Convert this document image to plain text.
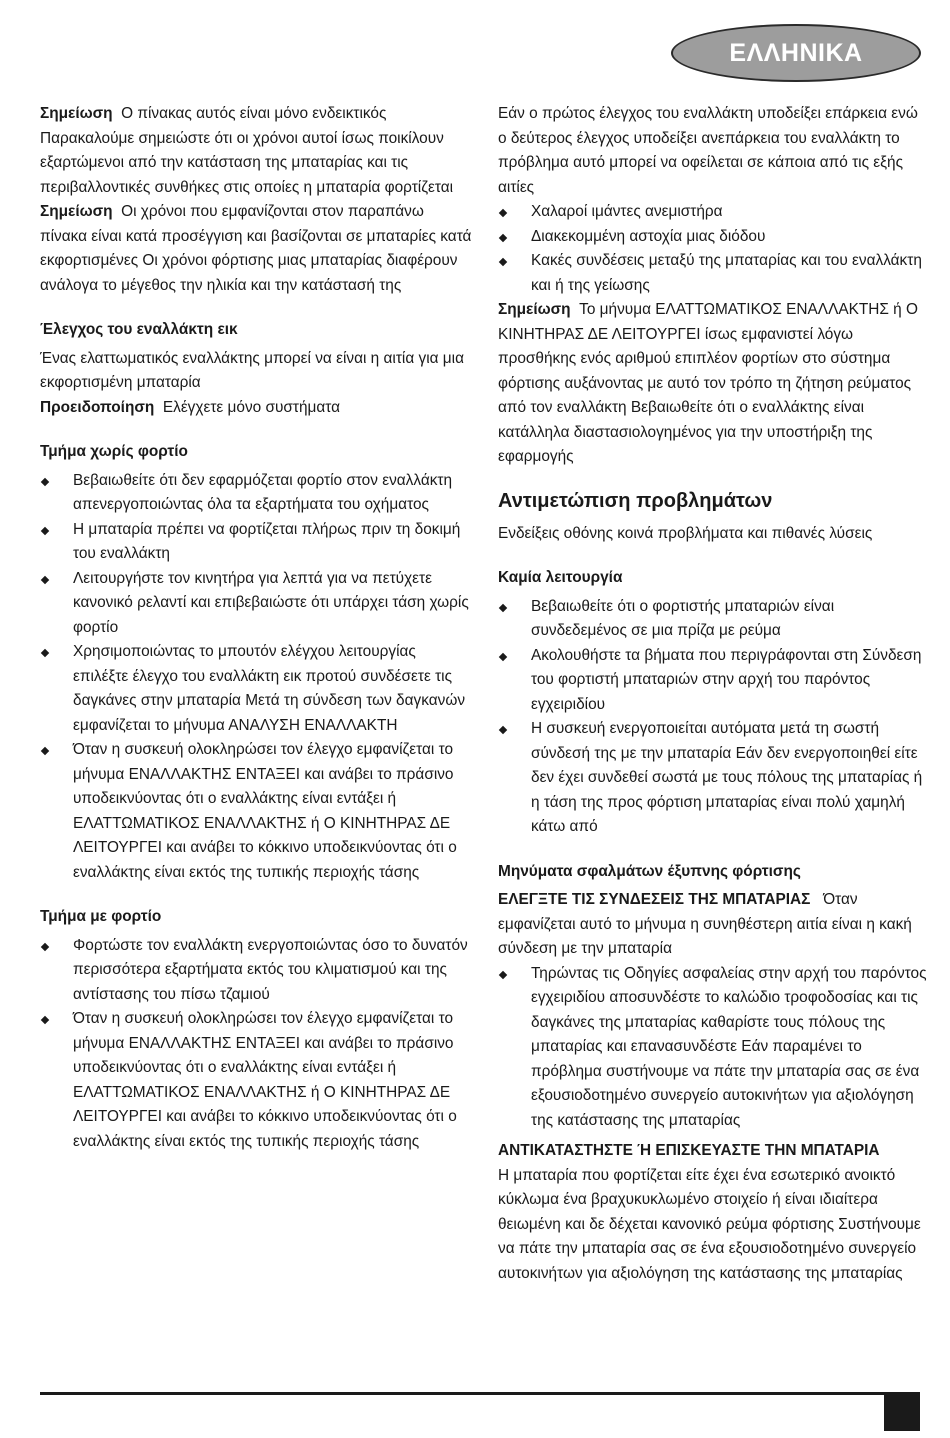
ΕΛΛΗΝΙΚΑ

Σημείωση Ο πίνακας αυτός είναι μόνο ενδεικτικός Παρακαλούμε σημειώστε ότι οι χρόνοι αυτοί ίσως ποικίλουν εξαρτώμενοι από την κατάσταση της μπαταρίας και τις περιβαλλοντικές συνθήκες στις οποίες η μπαταρία φορτίζεται

Σημείωση Οι χρόνοι που εμφανίζονται στον παραπάνω πίνακα είναι κατά προσέγγιση και βασίζονται σε μπαταρίες κατά εκφορτισμένες Οι χρόνοι φόρτισης μιας μπαταρίας διαφέρουν ανάλογα το μέγεθος την ηλικία και την κατάστασή της

Έλεγχος του εναλλάκτη εικ

Ένας ελαττωματικός εναλλάκτης μπορεί να είναι η αιτία για μια εκφορτισμένη μπαταρία

Προειδοποίηση Ελέγχετε μόνο συστήματα

Τμήμα χωρίς φορτίο

Βεβαιωθείτε ότι δεν εφαρμόζεται φορτίο στον εναλλάκτη απενεργοποιώντας όλα τα εξαρτήματα του οχήματος
Η μπαταρία πρέπει να φορτίζεται πλήρως πριν τη δοκιμή του εναλλάκτη
Λειτουργήστε τον κινητήρα για λεπτά για να πετύχετε κανονικό ρελαντί και επιβεβαιώστε ότι υπάρχει τάση χωρίς φορτίο
Χρησιμοποιώντας το μπουτόν ελέγχου λειτουργίας επιλέξτε έλεγχο του εναλλάκτη εικ προτού συνδέσετε τις δαγκάνες στην μπαταρία Μετά τη σύνδεση των δαγκανών εμφανίζεται το μήνυμα ΑΝΑΛΥΣΗ ΕΝΑΛΛΑΚΤΗ
Όταν η συσκευή ολοκληρώσει τον έλεγχο εμφανίζεται το μήνυμα ΕΝΑΛΛΑΚΤΗΣ ΕΝΤΑΞΕΙ και ανάβει το πράσινο υποδεικνύοντας ότι ο εναλλάκτης είναι εντάξει ή ΕΛΑΤΤΩΜΑΤΙΚΟΣ ΕΝΑΛΛΑΚΤΗΣ ή Ο ΚΙΝΗΤΗΡΑΣ ΔΕ ΛΕΙΤΟΥΡΓΕΙ και ανάβει το κόκκινο υποδεικνύοντας ότι ο εναλλάκτης είναι εκτός της τυπικής περιοχής τάσης

Τμήμα με φορτίο

Φορτώστε τον εναλλάκτη ενεργοποιώντας όσο το δυνατόν περισσότερα εξαρτήματα εκτός του κλιματισμού και της αντίστασης του πίσω τζαμιού
Όταν η συσκευή ολοκληρώσει τον έλεγχο εμφανίζεται το μήνυμα ΕΝΑΛΛΑΚΤΗΣ ΕΝΤΑΞΕΙ και ανάβει το πράσινο υποδεικνύοντας ότι ο εναλλάκτης είναι εντάξει ή ΕΛΑΤΤΩΜΑΤΙΚΟΣ ΕΝΑΛΛΑΚΤΗΣ ή Ο ΚΙΝΗΤΗΡΑΣ ΔΕ ΛΕΙΤΟΥΡΓΕΙ και ανάβει το κόκκινο υποδεικνύοντας ότι ο εναλλάκτης είναι εκτός της τυπικής περιοχής τάσης

Εάν ο πρώτος έλεγχος του εναλλάκτη υποδείξει επάρκεια ενώ ο δεύτερος έλεγχος υποδείξει ανεπάρκεια του εναλλάκτη το πρόβλημα αυτό μπορεί να οφείλεται σε κάποια από τις εξής αιτίες

Χαλαροί ιμάντες ανεμιστήρα
Διακεκομμένη αστοχία μιας διόδου
Κακές συνδέσεις μεταξύ της μπαταρίας και του εναλλάκτη και ή της γείωσης

Σημείωση Το μήνυμα ΕΛΑΤΤΩΜΑΤΙΚΟΣ ΕΝΑΛΛΑΚΤΗΣ ή Ο ΚΙΝΗΤΗΡΑΣ ΔΕ ΛΕΙΤΟΥΡΓΕΙ ίσως εμφανιστεί λόγω προσθήκης ενός αριθμού επιπλέον φορτίων στο σύστημα φόρτισης αυξάνοντας με αυτό τον τρόπο τη ζήτηση ρεύματος από τον εναλλάκτη Βεβαιωθείτε ότι ο εναλλάκτης είναι κατάλληλα διαστασιολογημένος για την υποστήριξη της εφαρμογής

Αντιμετώπιση προβλημάτων

Ενδείξεις οθόνης κοινά προβλήματα και πιθανές λύσεις

Καμία λειτουργία

Βεβαιωθείτε ότι ο φορτιστής μπαταριών είναι συνδεδεμένος σε μια πρίζα με ρεύμα
Ακολουθήστε τα βήματα που περιγράφονται στη Σύνδεση του φορτιστή μπαταριών στην αρχή του παρόντος εγχειριδίου
Η συσκευή ενεργοποιείται αυτόματα μετά τη σωστή σύνδεσή της με την μπαταρία Εάν δεν ενεργοποιηθεί είτε δεν έχει συνδεθεί σωστά με τους πόλους της μπαταρίας ή η τάση της προς φόρτιση μπαταρίας είναι πολύ χαμηλή κάτω από

Μηνύματα σφαλμάτων έξυπνης φόρτισης

ΕΛΕΓΞΤΕ ΤΙΣ ΣΥΝΔΕΣΕΙΣ ΤΗΣ ΜΠΑΤΑΡΙΑΣ Όταν εμφανίζεται αυτό το μήνυμα η συνηθέστερη αιτία είναι η κακή σύνδεση με την μπαταρία

Τηρώντας τις Οδηγίες ασφαλείας στην αρχή του παρόντος εγχειριδίου αποσυνδέστε το καλώδιο τροφοδοσίας και τις δαγκάνες της μπαταρίας καθαρίστε τους πόλους της μπαταρίας και επανασυνδέστε Εάν παραμένει το πρόβλημα συστήνουμε να πάτε την μπαταρία σας σε ένα εξουσιοδοτημένο συνεργείο αυτοκινήτων για αξιολόγηση της κατάστασης της μπαταρίας

ΑΝΤΙΚΑΤΑΣΤΗΣΤΕ Ή ΕΠΙΣΚΕΥΑΣΤΕ ΤΗΝ ΜΠΑΤΑΡΙΑ

Η μπαταρία που φορτίζεται είτε έχει ένα εσωτερικό ανοικτό κύκλωμα ένα βραχυκυκλωμένο στοιχείο ή είναι ιδιαίτερα θειωμένη και δε δέχεται κανονικό ρεύμα φόρτισης Συστήνουμε να πάτε την μπαταρία σας σε ένα εξουσιοδοτημένο συνεργείο αυτοκινήτων για αξιολόγηση της κατάστασης της μπαταρίας
